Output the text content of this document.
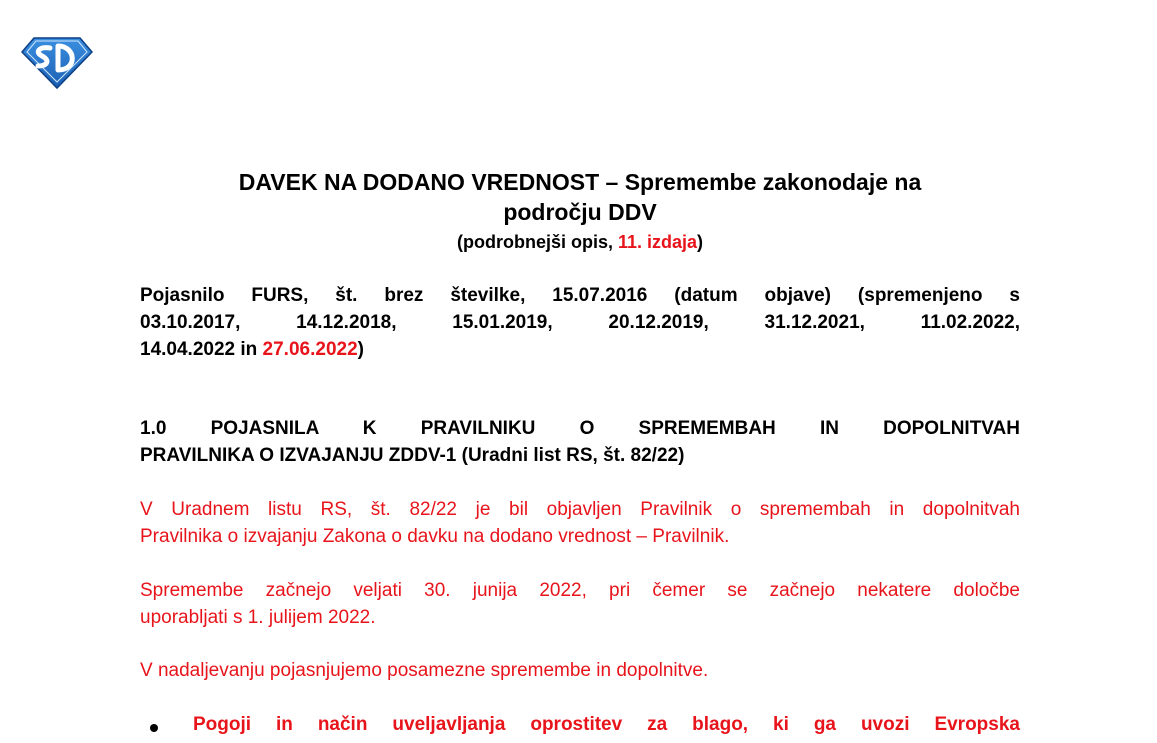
DAVEK NA DODANO VREDNOST – Spremembe zakonodaje na
področju DDV
(podrobnejši opis, 11. izdaja)
Pojasnilo FURS, št. brez številke, 15.07.2016 (datum objave) (spremenjeno s
03.10.2017, 14.12.2018, 15.01.2019, 20.12.2019, 31.12.2021, 11.02.2022,
14.04.2022 in 27.06.2022)
1.0 POJASNILA K PRAVILNIKU O SPREMEMBAH IN DOPOLNITVAH
PRAVILNIKA O IZVAJANJU ZDDV-1 (Uradni list RS, št. 82/22)
V Uradnem listu RS, št. 82/22 je bil objavljen Pravilnik o spremembah in dopolnitvah
Pravilnika o izvajanju Zakona o davku na dodano vrednost – Pravilnik.
Spremembe začnejo veljati 30. junija 2022, pri čemer se začnejo nekatere določbe
uporabljati s 1. julijem 2022.
V nadaljevanju pojasnjujemo posamezne spremembe in dopolnitve.
Pogoji in način uveljavljanja oprostitev za blago, ki ga uvozi Evropska
